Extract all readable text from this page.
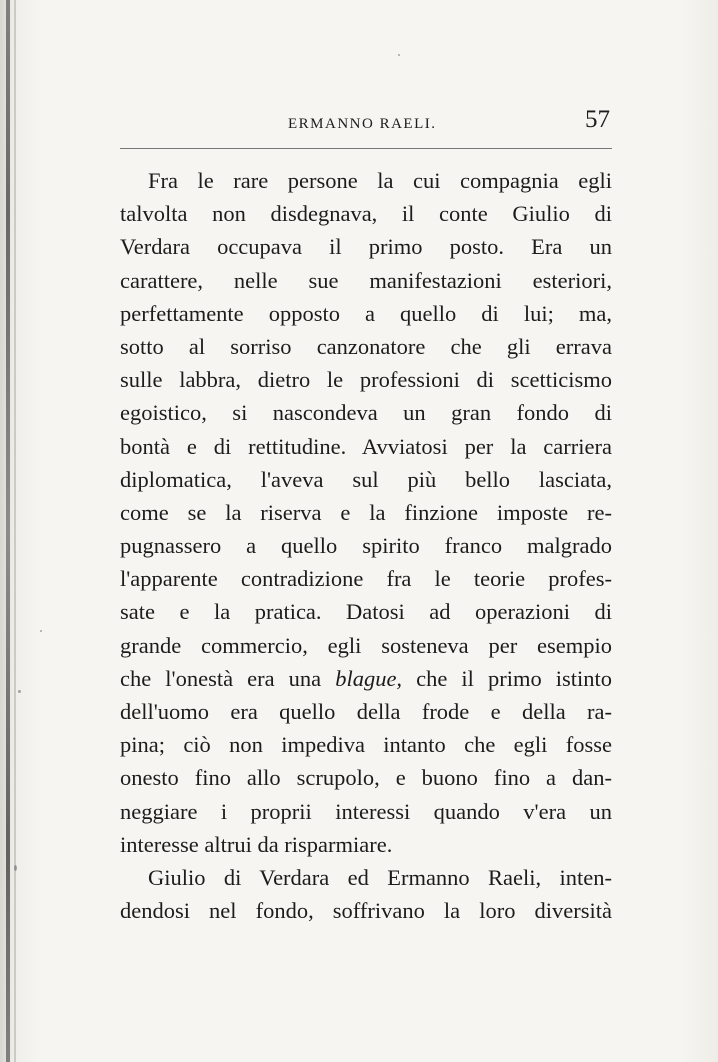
ERMANNO RAELI.	57
Fra le rare persone la cui compagnia egli
talvolta non disdegnava, il conte Giulio di
Verdara occupava il primo posto. Era un
carattere, nelle sue manifestazioni esteriori,
perfettamente opposto a quello di lui; ma,
sotto al sorriso canzonatore che gli errava
sulle labbra, dietro le professioni di scetticismo
egoistico, si nascondeva un gran fondo di
bontà e di rettitudine. Avviatosi per la carriera
diplomatica, l'aveva sul più bello lasciata,
come se la riserva e la finzione imposte re-
pugnassero a quello spirito franco malgrado
l'apparente contradizione fra le teorie profes-
sate e la pratica. Datosi ad operazioni di
grande commercio, egli sosteneva per esempio
che l'onestà era una blague, che il primo istinto
dell'uomo era quello della frode e della ra-
pina; ciò non impediva intanto che egli fosse
onesto fino allo scrupolo, e buono fino a dan-
neggiare i proprii interessi quando v'era un
interesse altrui da risparmiare.
Giulio di Verdara ed Ermanno Raeli, inten-
dendosi nel fondo, soffrivano la loro diversità
